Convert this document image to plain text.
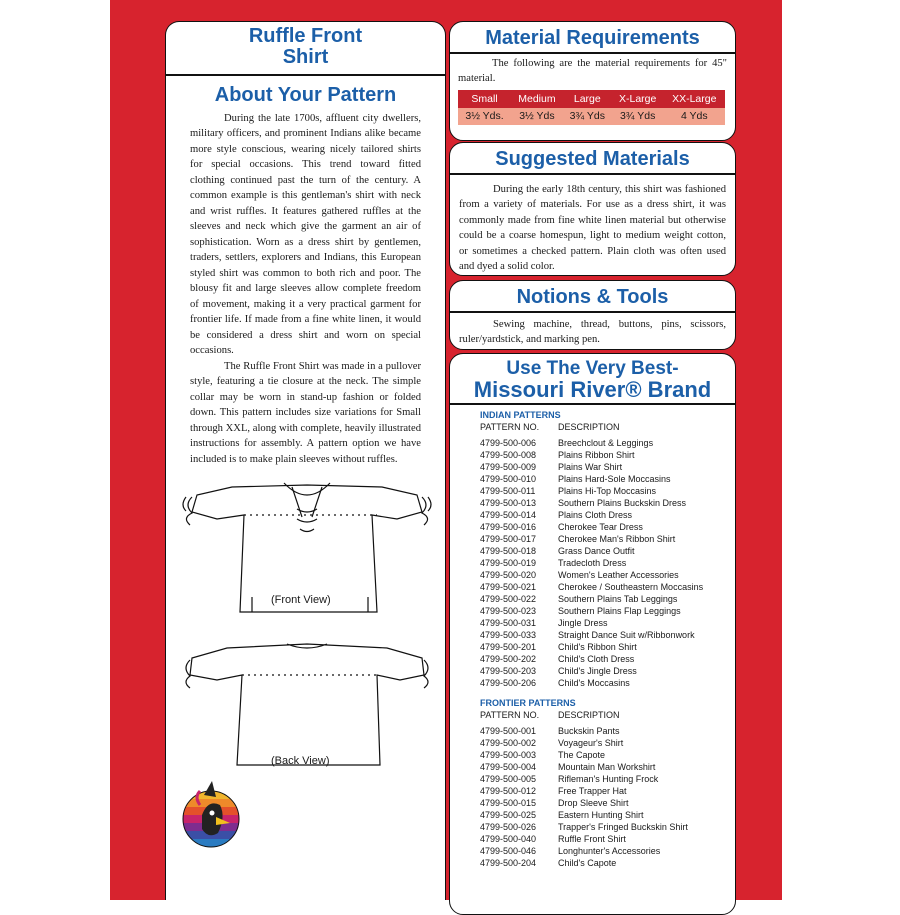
Ruffle Front
Shirt
About Your Pattern

During the late 1700s, affluent city dwellers, military officers, and prominent Indians alike became more style conscious, wearing nicely tailored shirts for special occasions. This trend toward fitted clothing continued past the turn of the century. A common example is this gentleman's shirt with neck and wrist ruffles. It features gathered ruffles at the sleeves and neck which give the garment an air of sophistication. Worn as a dress shirt by gentlemen, traders, settlers, explorers and Indians, this European styled shirt was common to both rich and poor. The blousy fit and large sleeves allow complete freedom of movement, making it a very practical garment for frontier life. If made from a fine white linen, it would be considered a dress shirt and worn on special occasions.

The Ruffle Front Shirt was made in a pullover style, featuring a tie closure at the neck. The simple collar may be worn in stand-up fashion or folded down. This pattern includes size variations for Small through XXL, along with complete, heavily illustrated instructions for assembly. A pattern option we have included is to make plain sleeves without ruffles.

(Front View)
(Back View)
Material Requirements

The following are the material requirements for 45" material.

Small	Medium	Large	X-Large	XX-Large
3½ Yds.	3½ Yds	3¾ Yds	3¾ Yds	4 Yds
Suggested Materials

During the early 18th century, this shirt was fashioned from a variety of materials. For use as a dress shirt, it was commonly made from fine white linen material but otherwise could be a coarse homespun, light to medium weight cotton, or sometimes a checked pattern. Plain cloth was often used and dyed a solid color.

Notions & Tools

Sewing machine, thread, buttons, pins, scissors, ruler/yardstick, and marking pen.

Use The Very Best-
Missouri River® Brand
INDIAN PATTERNS
PATTERN NO.	DESCRIPTION
4799-500-006	Breechclout & Leggings
4799-500-008	Plains Ribbon Shirt
4799-500-009	Plains War Shirt
4799-500-010	Plains Hard-Sole Moccasins
4799-500-011	Plains Hi-Top Moccasins
4799-500-013	Southern Plains Buckskin Dress
4799-500-014	Plains Cloth Dress
4799-500-016	Cherokee Tear Dress
4799-500-017	Cherokee Man's Ribbon Shirt
4799-500-018	Grass Dance Outfit
4799-500-019	Tradecloth Dress
4799-500-020	Women's Leather Accessories
4799-500-021	Cherokee / Southeastern Moccasins
4799-500-022	Southern Plains Tab Leggings
4799-500-023	Southern Plains Flap Leggings
4799-500-031	Jingle Dress
4799-500-033	Straight Dance Suit w/Ribbonwork
4799-500-201	Child's Ribbon Shirt
4799-500-202	Child's Cloth Dress
4799-500-203	Child's Jingle Dress
4799-500-206	Child's Moccasins
FRONTIER PATTERNS
PATTERN NO.	DESCRIPTION
4799-500-001	Buckskin Pants
4799-500-002	Voyageur's Shirt
4799-500-003	The Capote
4799-500-004	Mountain Man Workshirt
4799-500-005	Rifleman's Hunting Frock
4799-500-012	Free Trapper Hat
4799-500-015	Drop Sleeve Shirt
4799-500-025	Eastern Hunting Shirt
4799-500-026	Trapper's Fringed Buckskin Shirt
4799-500-040	Ruffle Front Shirt
4799-500-046	Longhunter's Accessories
4799-500-204	Child's Capote
